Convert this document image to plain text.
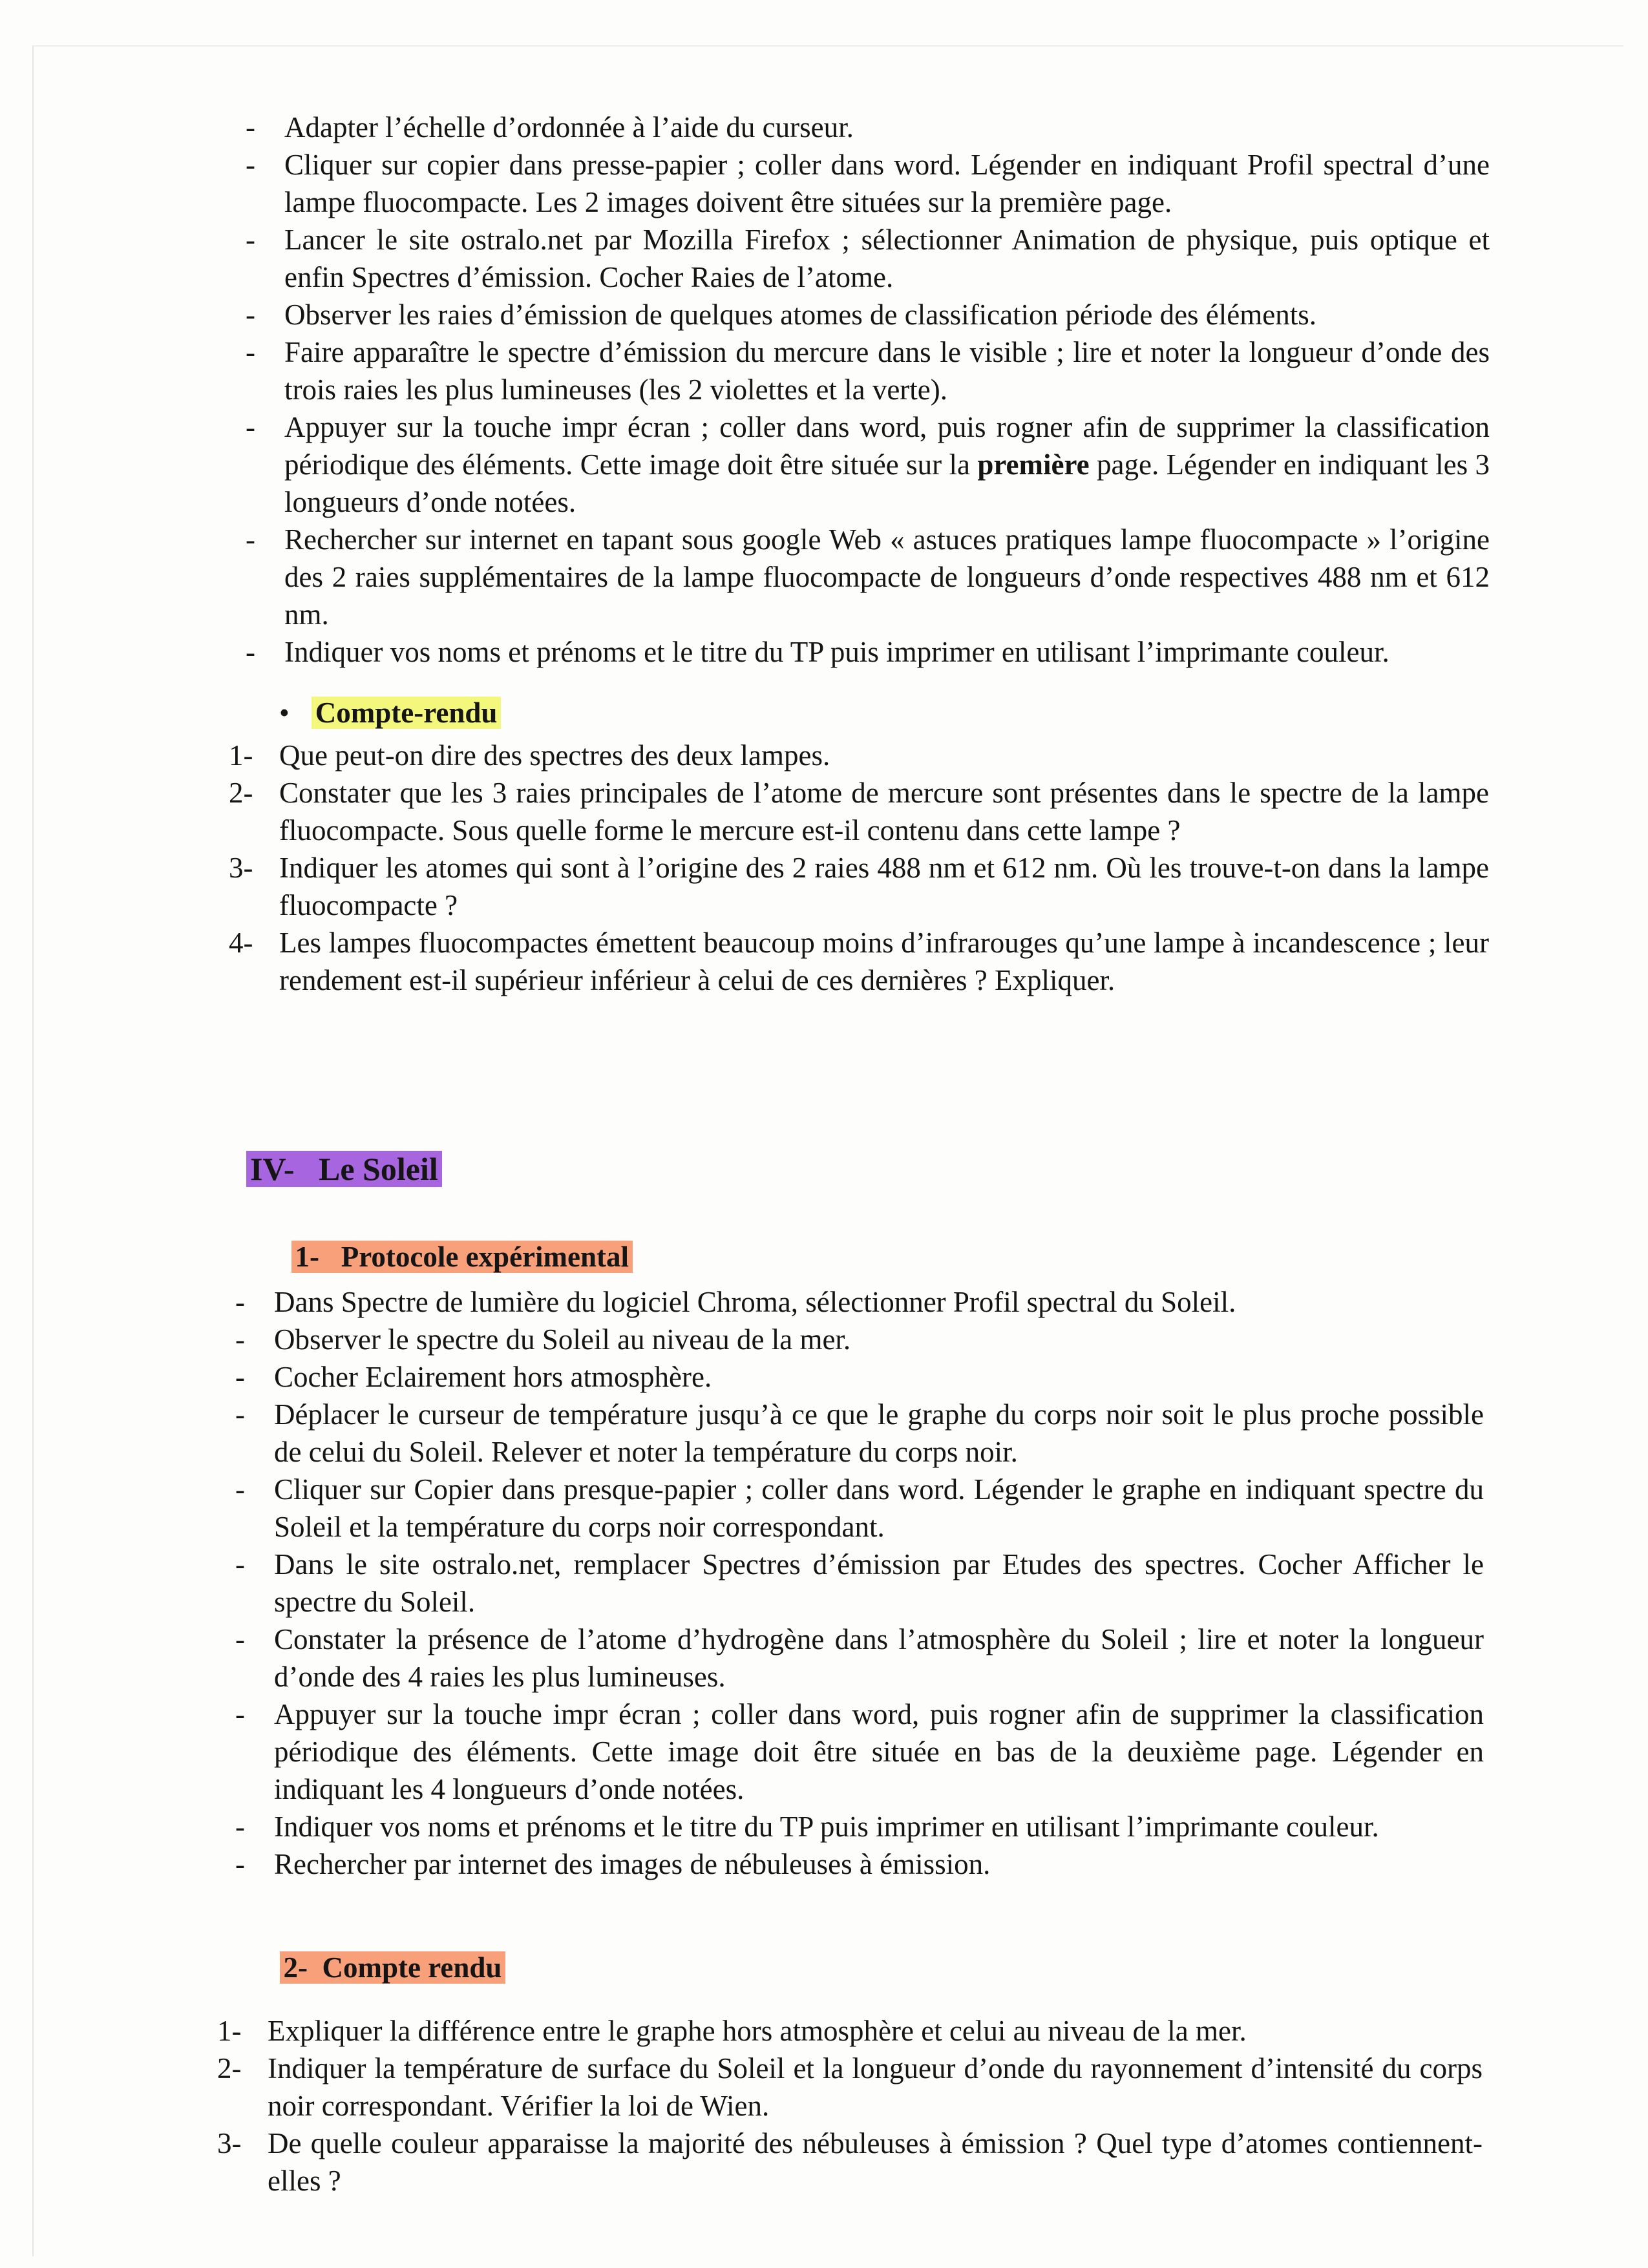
- Adapter l’échelle d’ordonnée à l’aide du curseur.
- Cliquer sur copier dans presse-papier ; coller dans word. Légender en indiquant Profil spectral d’une lampe fluocompacte. Les 2 images doivent être situées sur la première page.
- Lancer le site ostralo.net par Mozilla Firefox ; sélectionner Animation de physique, puis optique et enfin Spectres d’émission. Cocher Raies de l’atome.
- Observer les raies d’émission de quelques atomes de classification période des éléments.
- Faire apparaître le spectre d’émission du mercure dans le visible ; lire et noter la longueur d’onde des trois raies les plus lumineuses (les 2 violettes et la verte).
- Appuyer sur la touche impr écran ; coller dans word, puis rogner afin de supprimer la classification périodique des éléments. Cette image doit être située sur la première page. Légender en indiquant les 3 longueurs d’onde notées.
- Rechercher sur internet en tapant sous google Web « astuces pratiques lampe fluocompacte » l’origine des 2 raies supplémentaires de la lampe fluocompacte de longueurs d’onde respectives 488 nm et 612 nm.
- Indiquer vos noms et prénoms et le titre du TP puis imprimer en utilisant l’imprimante couleur.
• Compte-rendu
1- Que peut-on dire des spectres des deux lampes.
2- Constater que les 3 raies principales de l’atome de mercure sont présentes dans le spectre de la lampe fluocompacte. Sous quelle forme le mercure est-il contenu dans cette lampe ?
3- Indiquer les atomes qui sont à l’origine des 2 raies 488 nm et 612 nm. Où les trouve-t-on dans la lampe fluocompacte ?
4- Les lampes fluocompactes émettent beaucoup moins d’infrarouges qu’une lampe à incandescence ; leur rendement est-il supérieur inférieur à celui de ces dernières ? Expliquer.

IV-   Le Soleil

1-   Protocole expérimental

- Dans Spectre de lumière du logiciel Chroma, sélectionner Profil spectral du Soleil.
- Observer le spectre du Soleil au niveau de la mer.
- Cocher Eclairement hors atmosphère.
- Déplacer le curseur de température jusqu’à ce que le graphe du corps noir soit le plus proche possible de celui du Soleil. Relever et noter la température du corps noir.
- Cliquer sur Copier dans presque-papier ; coller dans word. Légender le graphe en indiquant spectre du Soleil et la température du corps noir correspondant.
- Dans le site ostralo.net, remplacer Spectres d’émission par Etudes des spectres. Cocher Afficher le spectre du Soleil.
- Constater la présence de l’atome d’hydrogène dans l’atmosphère du Soleil ; lire et noter la longueur d’onde des 4 raies les plus lumineuses.
- Appuyer sur la touche impr écran ; coller dans word, puis rogner afin de supprimer la classification périodique des éléments. Cette image doit être située en bas de la deuxième page. Légender en indiquant les 4 longueurs d’onde notées.
- Indiquer vos noms et prénoms et le titre du TP puis imprimer en utilisant l’imprimante couleur.
- Rechercher par internet des images de nébuleuses à émission.

2-  Compte rendu

1- Expliquer la différence entre le graphe hors atmosphère et celui au niveau de la mer.
2- Indiquer la température de surface du Soleil et la longueur d’onde du rayonnement d’intensité du corps noir correspondant. Vérifier la loi de Wien.
3- De quelle couleur apparaisse la majorité des nébuleuses à émission ? Quel type d’atomes contiennent-elles ?
